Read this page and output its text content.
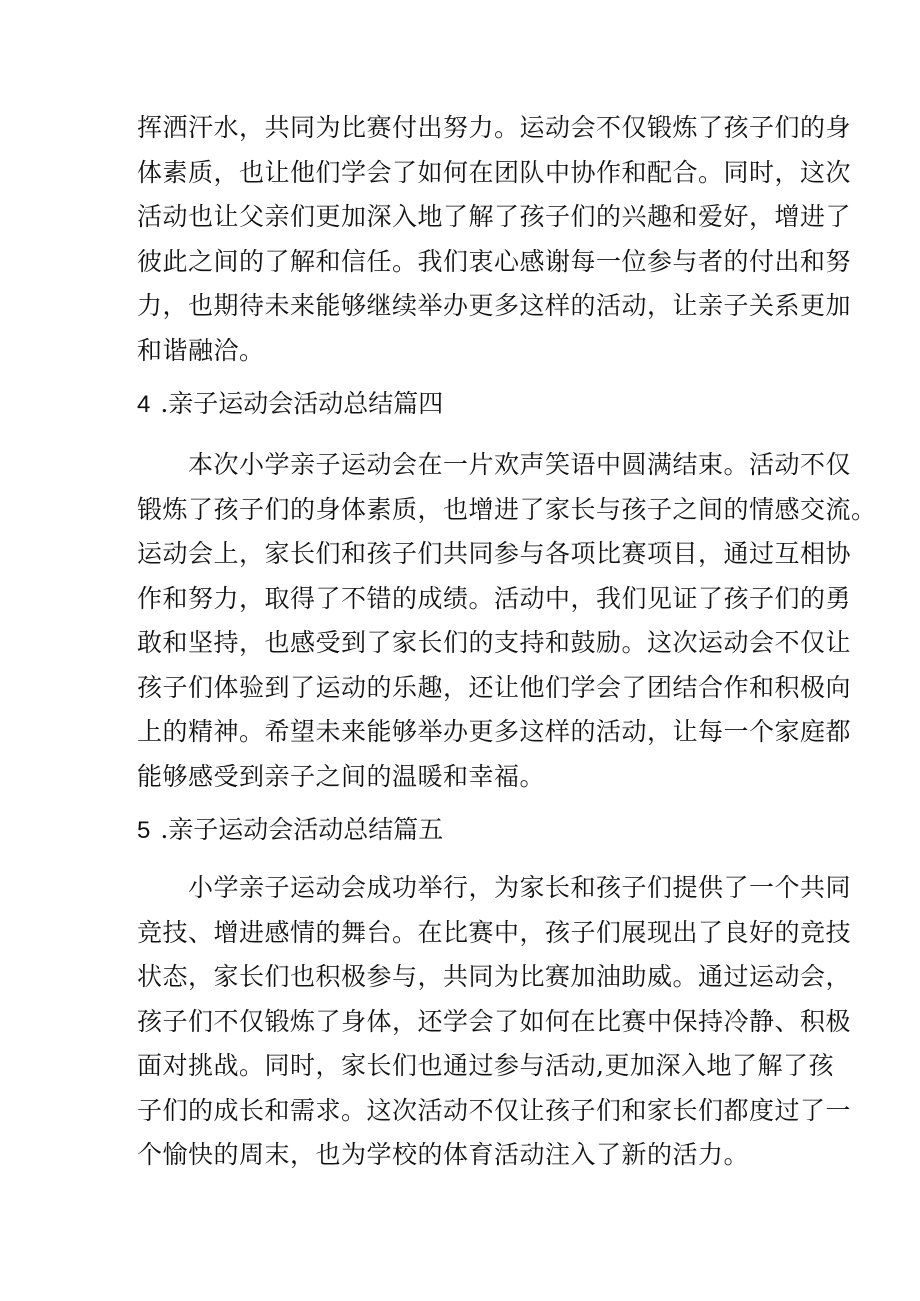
挥洒汗水，共同为比赛付出努力。运动会不仅锻炼了孩子们的身
体素质，也让他们学会了如何在团队中协作和配合。同时，这次
活动也让父亲们更加深入地了解了孩子们的兴趣和爱好，增进了
彼此之间的了解和信任。我们衷心感谢每一位参与者的付出和努
力，也期待未来能够继续举办更多这样的活动，让亲子关系更加
和谐融洽。
4 .亲子运动会活动总结篇四
　　本次小学亲子运动会在一片欢声笑语中圆满结束。活动不仅
锻炼了孩子们的身体素质，也增进了家长与孩子之间的情感交流。
运动会上，家长们和孩子们共同参与各项比赛项目，通过互相协
作和努力，取得了不错的成绩。活动中，我们见证了孩子们的勇
敢和坚持，也感受到了家长们的支持和鼓励。这次运动会不仅让
孩子们体验到了运动的乐趣，还让他们学会了团结合作和积极向
上的精神。希望未来能够举办更多这样的活动，让每一个家庭都
能够感受到亲子之间的温暖和幸福。
5 .亲子运动会活动总结篇五
　　小学亲子运动会成功举行，为家长和孩子们提供了一个共同
竞技、增进感情的舞台。在比赛中，孩子们展现出了良好的竞技
状态，家长们也积极参与，共同为比赛加油助威。通过运动会，
孩子们不仅锻炼了身体，还学会了如何在比赛中保持冷静、积极
面对挑战。同时，家长们也通过参与活动,更加深入地了解了孩
子们的成长和需求。这次活动不仅让孩子们和家长们都度过了一
个愉快的周末，也为学校的体育活动注入了新的活力。
